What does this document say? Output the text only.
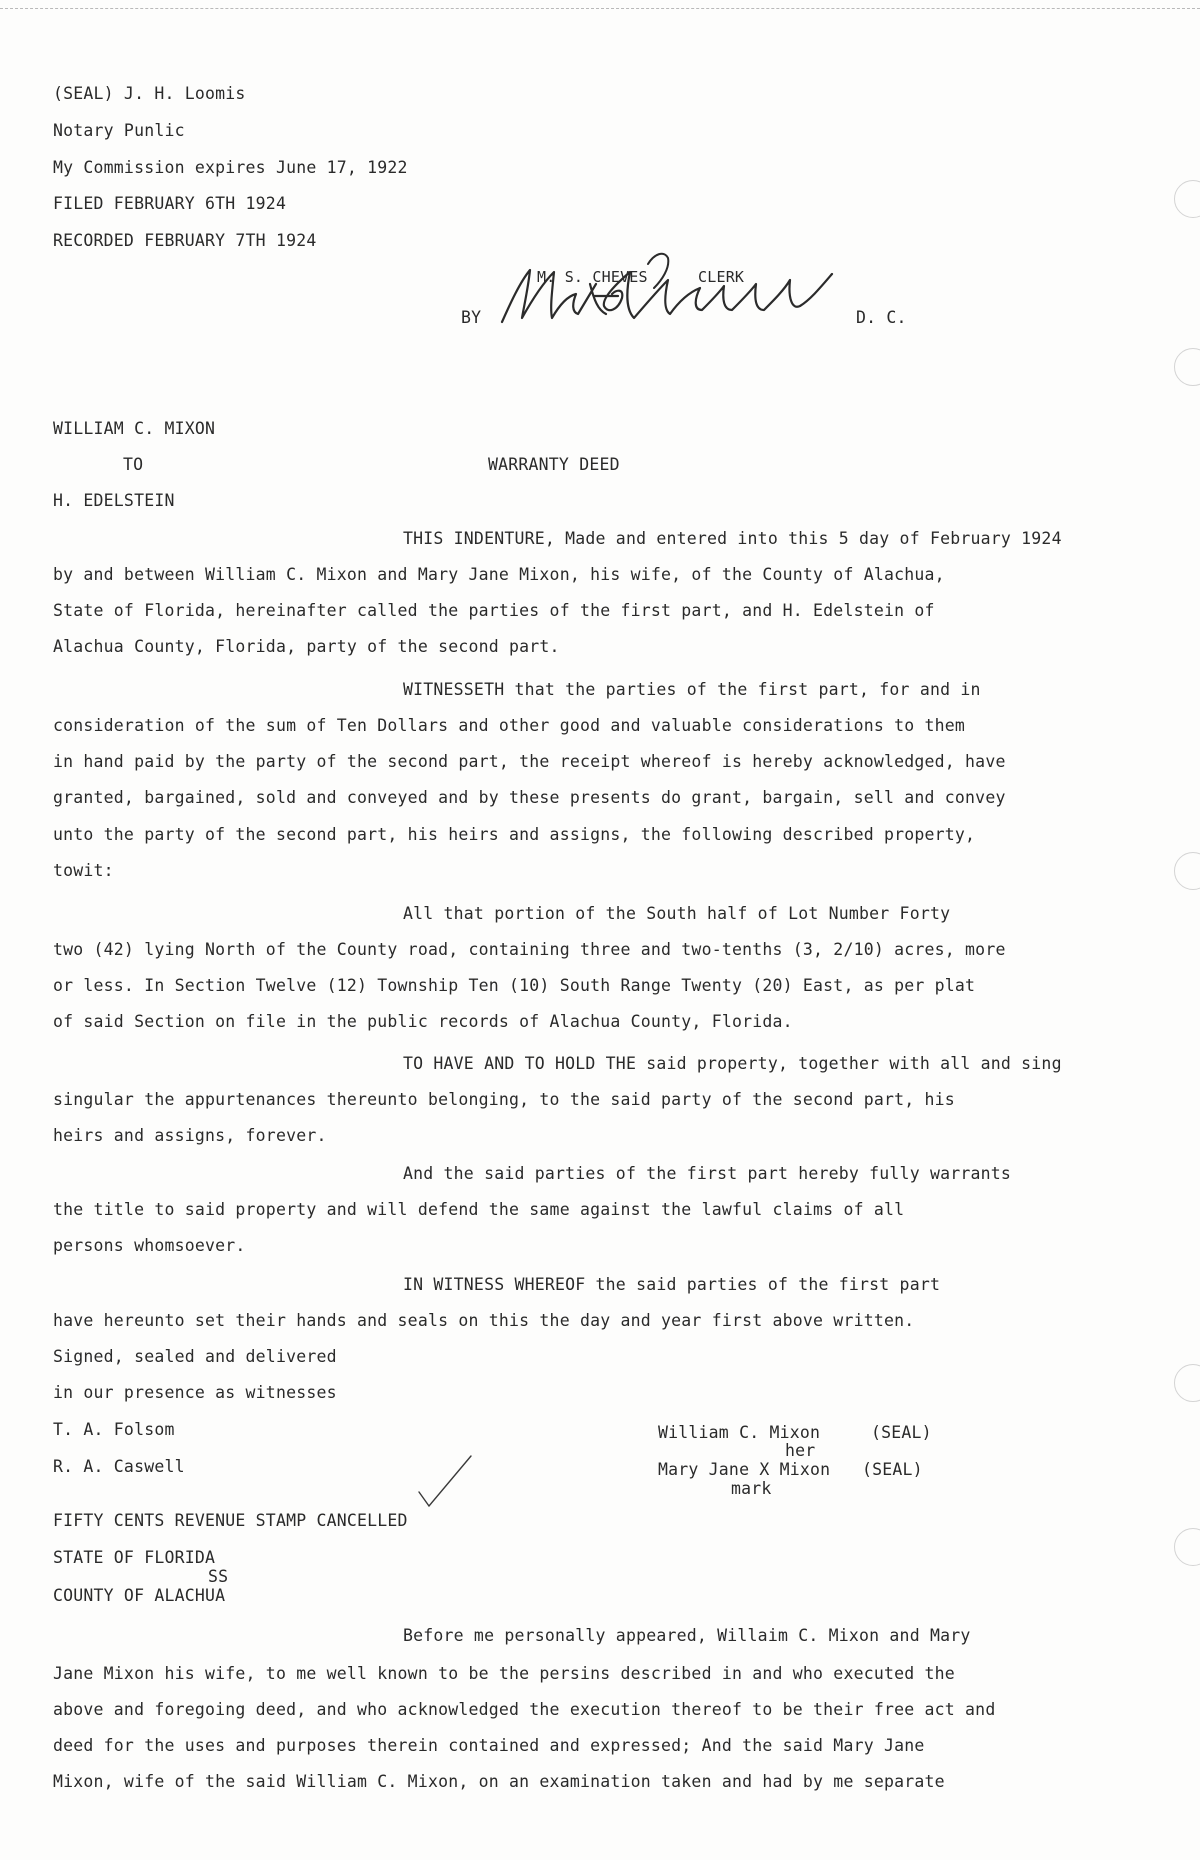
(SEAL) J. H. Loomis
Notary Punlic
My Commission expires June 17, 1922
FILED FEBRUARY 6TH 1924
RECORDED FEBRUARY 7TH 1924
M. S. CHEVES	CLERK
BY	D. C.
WILLIAM C. MIXON
TO	WARRANTY DEED
H. EDELSTEIN
THIS INDENTURE, Made and entered into this 5 day of February 1924
by and between William C. Mixon and Mary Jane Mixon, his wife, of the County of Alachua,
State of Florida, hereinafter called the parties of the first part, and H. Edelstein of
Alachua County, Florida, party of the second part.
WITNESSETH that the parties of the first part, for and in
consideration of the sum of Ten Dollars and other good and valuable considerations to them
in hand paid by the party of the second part, the receipt whereof is hereby acknowledged, have
granted, bargained, sold and conveyed and by these presents do grant, bargain, sell and convey
unto the party of the second part, his heirs and assigns, the following described property,
towit:
All that portion of the South half of Lot Number Forty
two (42) lying North of the County road, containing three and two-tenths (3, 2/10) acres, more
or less. In Section Twelve (12) Township Ten (10) South Range Twenty (20) East, as per plat
of said Section on file in the public records of Alachua County, Florida.
TO HAVE AND TO HOLD THE said property, together with all and sing
singular the appurtenances thereunto belonging, to the said party of the second part, his
heirs and assigns, forever.
And the said parties of the first part hereby fully warrants
the title to said property and will defend the same against the lawful claims of all
persons whomsoever.
IN WITNESS WHEREOF the said parties of the first part
have hereunto set their hands and seals on this the day and year first above written.
Signed, sealed and delivered
in our presence as witnesses
T. A. Folsom
R. A. Caswell
William C. Mixon	(SEAL)
her
Mary Jane X Mixon (SEAL)
mark
FIFTY CENTS REVENUE STAMP CANCELLED
STATE OF FLORIDA
SS
COUNTY OF ALACHUA
Before me personally appeared, Willaim C. Mixon and Mary
Jane Mixon his wife, to me well known to be the persins described in and who executed the
above and foregoing deed, and who acknowledged the execution thereof to be their free act and
deed for the uses and purposes therein contained and expressed; And the said Mary Jane
Mixon, wife of the said William C. Mixon, on an examination taken and had by me separate
